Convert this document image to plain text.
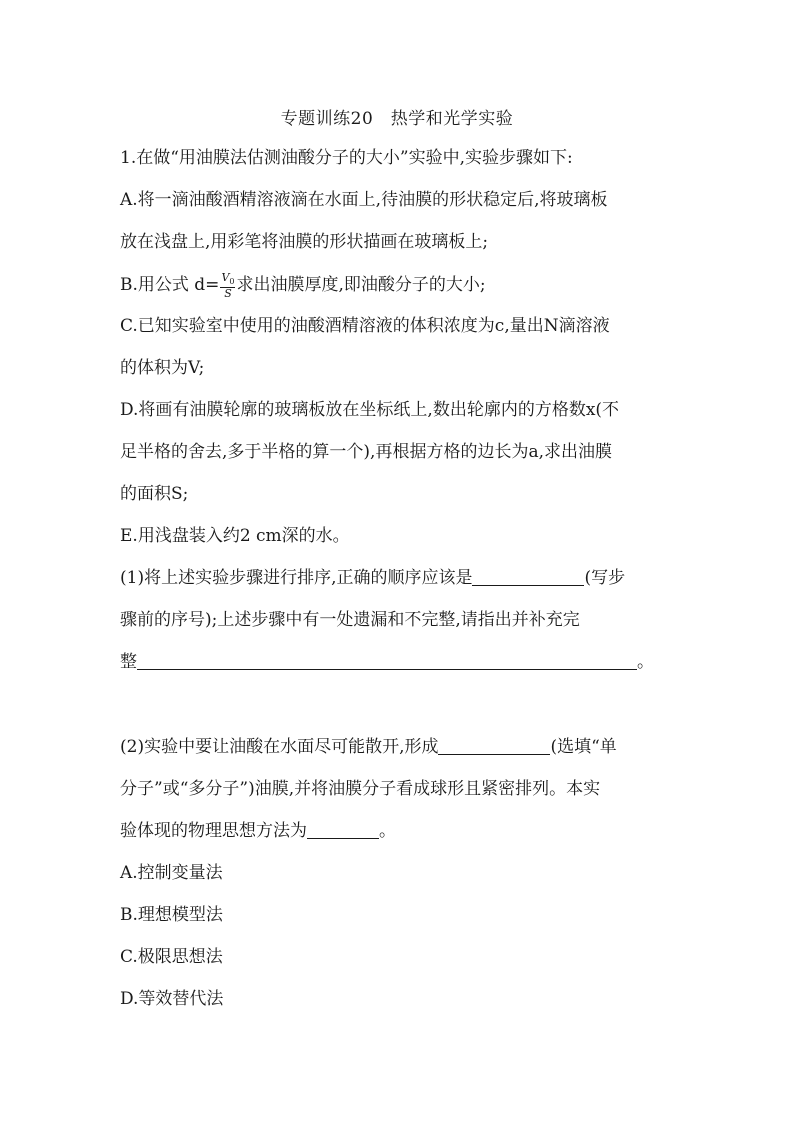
专题训练20　热学和光学实验
1.在做“用油膜法估测油酸分子的大小”实验中,实验步骤如下:
A.将一滴油酸酒精溶液滴在水面上,待油膜的形状稳定后,将玻璃板
放在浅盘上,用彩笔将油膜的形状描画在玻璃板上;
B.用公式 $d= \frac{V_0}{S}$ 求出油膜厚度,即油酸分子的大小;
C.已知实验室中使用的油酸酒精溶液的体积浓度为c,量出N滴溶液
的体积为V;
D.将画有油膜轮廓的玻璃板放在坐标纸上,数出轮廓内的方格数x(不
足半格的舍去,多于半格的算一个),再根据方格的边长为a,求出油膜
的面积S;
E.用浅盘装入约2 cm深的水。
(1)将上述实验步骤进行排序,正确的顺序应该是	(写步
骤前的序号);上述步骤中有一处遗漏和不完整,请指出并补充完
整	。
(2)实验中要让油酸在水面尽可能散开,形成	(选填“单
分子”或“多分子”)油膜,并将油膜分子看成球形且紧密排列。本实
验体现的物理思想方法为	。
A.控制变量法
B.理想模型法
C.极限思想法
D.等效替代法
